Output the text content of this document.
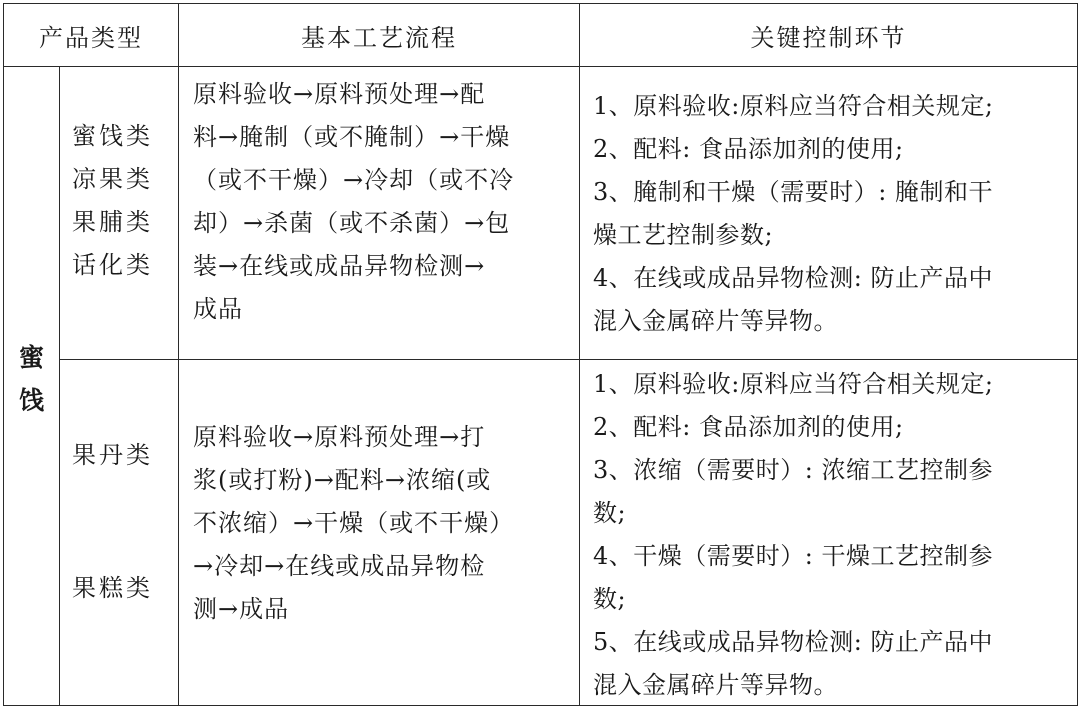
产品类型	基本工艺流程	关键控制环节
蜜
饯
蜜饯类
凉果类
果脯类
话化类
原料验收→原料预处理→配
料→腌制（或不腌制）→干燥
（或不干燥）→冷却（或不冷
却）→杀菌（或不杀菌）→包
装→在线或成品异物检测→
成品
1、原料验收:原料应当符合相关规定;
2、配料: 食品添加剂的使用;
3、腌制和干燥（需要时）: 腌制和干
燥工艺控制参数;
4、在线或成品异物检测: 防止产品中
混入金属碎片等异物。
果丹类
果糕类
原料验收→原料预处理→打
浆(或打粉)→配料→浓缩(或
不浓缩）→干燥（或不干燥）
→冷却→在线或成品异物检
测→成品
1、原料验收:原料应当符合相关规定;
2、配料: 食品添加剂的使用;
3、浓缩（需要时）: 浓缩工艺控制参
数;
4、干燥（需要时）: 干燥工艺控制参
数;
5、在线或成品异物检测: 防止产品中
混入金属碎片等异物。
